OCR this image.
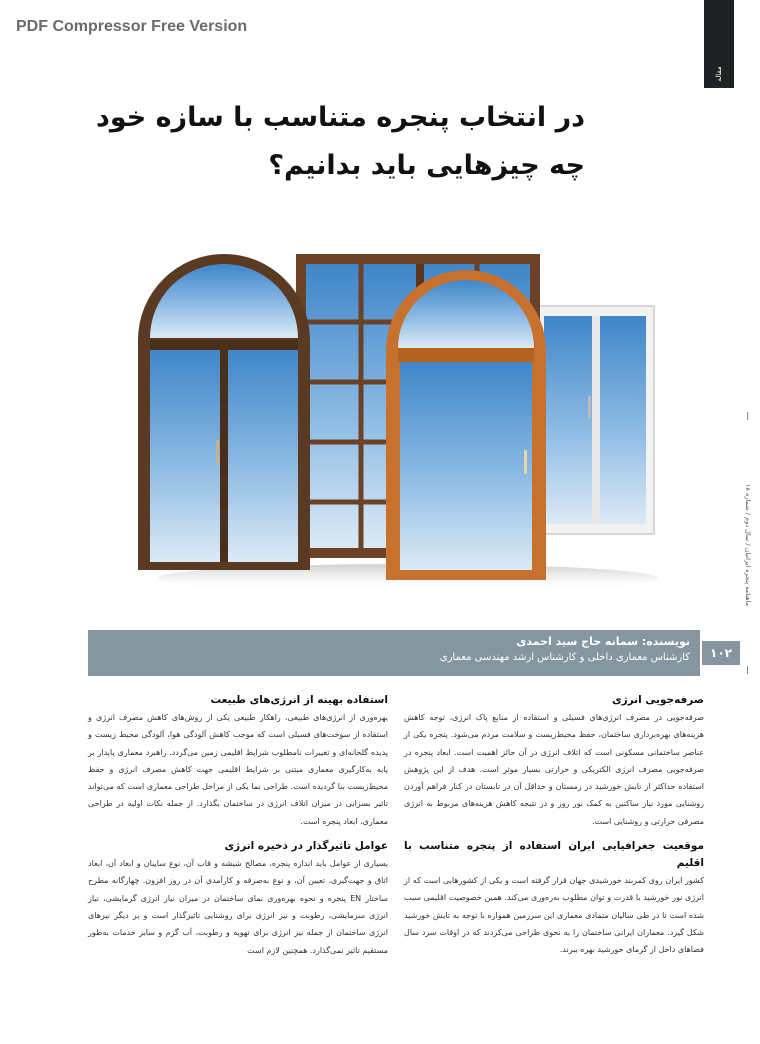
PDF Compressor Free Version
مقاله
در انتخاب پنجره متناسب با سازه خود
چه چیزهایی باید بدانیم؟
ماهنامه پنجره ایرانیان / سال دوم / شماره ۱۸
نویسنده: سمانه حاج سید احمدی
کارشناس معماری داخلی و کارشناس ارشد مهندسی معماری	۱۰۲
صرفه‌جویی انرژی

صرفه‌جویی در مصرف انرژی‌های فسیلی و استفاده از منابع پاک انرژی، توجه کاهش هزینه‌های بهره‌برداری ساختمان، حفظ محیط‌زیست و سلامت مردم می‌شود. پنجره یکی از عناصر ساختمانی مسکونی است که اتلاف انرژی در آن حائز اهمیت است. ابعاد پنجره در صرفه‌جویی مصرف انرژی الکتریکی و حرارتی بسیار موثر است. هدف از این پژوهش استفاده حداکثر از تابش خورشید در زمستان و حداقل آن در تابستان در کنار فراهم آوردن روشنایی مورد نیاز ساکنین به کمک نور روز و در نتیجه کاهش هزینه‌های مربوط به انرژی مصرفی حرارتی و روشنایی است.

موقعیت جغرافیایی ایران استفاده از پنجره متناسب با اقلیم

کشور ایران روی کمربند خورشیدی جهان قرار گرفته است و یکی از کشورهایی است که از انرژی نور خورشید با قدرت و توان مطلوب به‌ره‌وری می‌کند. همین خصوصیت اقلیمی سبب شده است تا در طی سالیان متمادی معماری این سرزمین همواره با توجه به تابش خورشید شکل گیرد. معماران ایرانی ساختمان را به نحوی طراحی می‌کردند که در اوقات سرد سال فضاهای داخل از گرمای خورشید بهره ببرند.

استفاده بهینه از انرژی‌های طبیعت

بهره‌وری از انرژی‌های طبیعی، راهکار طبیعی یکی از روش‌های کاهش مصرف انرژی و استفاده از سوخت‌های فسیلی است که موجب کاهش آلودگی هوا، آلودگی محیط زیست و پدیده گلخانه‌ای و تغییرات نامطلوب شرایط اقلیمی زمین می‌گردد. راهبرد معماری پایدار بر پایه به‌کارگیری معماری مبتنی بر شرایط اقلیمی جهت کاهش مصرف انرژی و حفظ محیط‌زیست بنا گردیده است. طراحی نما یکی از مراحل طراحی معماری است که می‌تواند تاثیر بسزایی در میزان اتلاف انرژی در ساختمان بگذارد. از جمله نکات اولیه در طراحی معماری، ابعاد پنجره است.

عوامل تاثیرگذار در ذخیره انرژی

بسیاری از عوامل باید اندازه پنجره، مصالح شیشه و قاب آن، نوع سایبان و ابعاد آن، ابعاد اتاق و جهت‌گیری، تعیین آن، و نوع به‌صرفه و کارآمدی آن در روز افزون. چهارگانه مطرح ساختار EN پنجره و نحوه بهره‌وری نمای ساختمان در میزان نیاز انرژی گرمایشی، نیاز انرژی سرمایشی، رطوبت و نیز انرژی برای روشنایی تاثیرگذار است و بر دیگر نیرهای انرژی ساختمان از جمله نیز انرژی برای تهویه و رطوبت، آب گرم و سایر خدمات به‌طور مستقیم تاثیر نمی‌گذارد. همچنین لازم است
